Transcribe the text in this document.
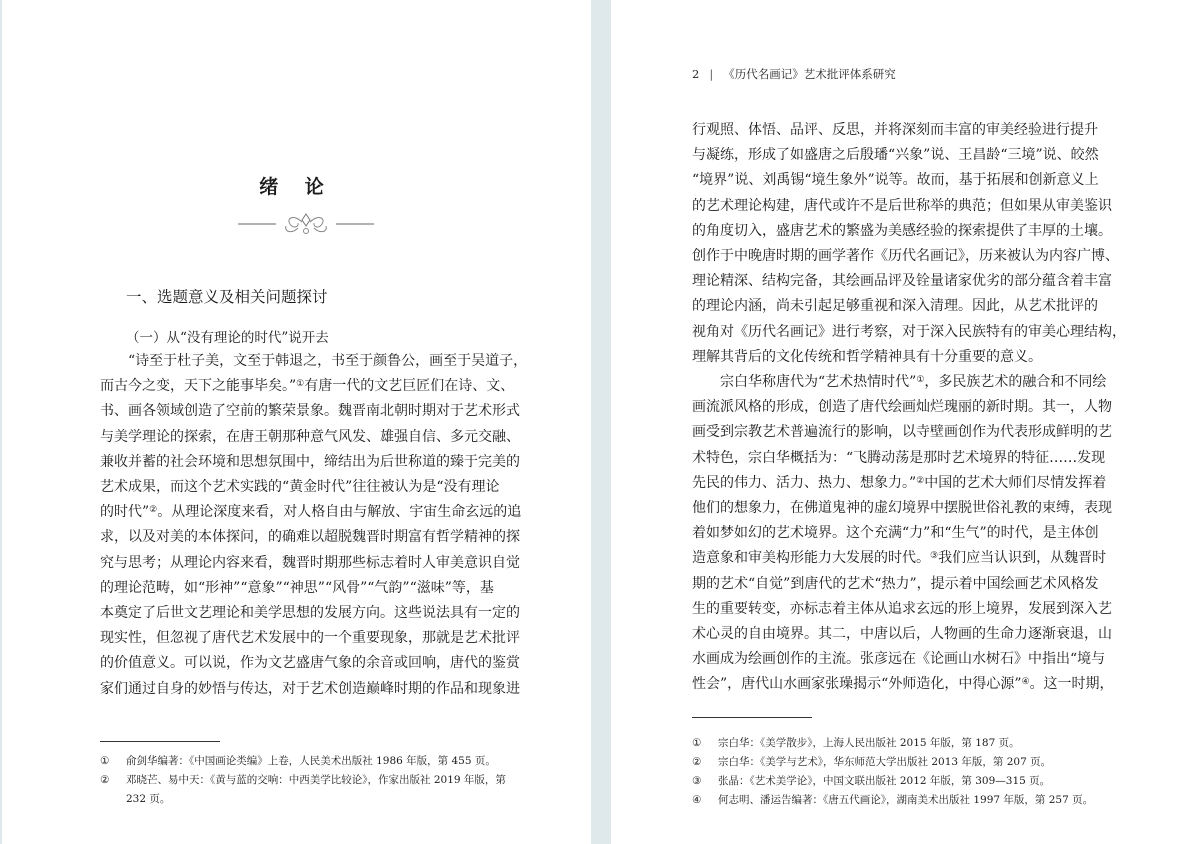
绪 论
一、选题意义及相关问题探讨
（一）从“没有理论的时代”说开去
“诗至于杜子美，文至于韩退之，书至于颜鲁公，画至于吴道子，
而古今之变，天下之能事毕矣。”①有唐一代的文艺巨匠们在诗、文、
书、画各领域创造了空前的繁荣景象。魏晋南北朝时期对于艺术形式
与美学理论的探索，在唐王朝那种意气风发、雄强自信、多元交融、
兼收并蓄的社会环境和思想氛围中，缔结出为后世称道的臻于完美的
艺术成果，而这个艺术实践的“黄金时代”往往被认为是“没有理论
的时代”②。从理论深度来看，对人格自由与解放、宇宙生命玄远的追
求，以及对美的本体探问，的确难以超脱魏晋时期富有哲学精神的探
究与思考；从理论内容来看，魏晋时期那些标志着时人审美意识自觉
的理论范畴，如“形神”“意象”“神思”“风骨”“气韵”“滋味”等，基
本奠定了后世文艺理论和美学思想的发展方向。这些说法具有一定的
现实性，但忽视了唐代艺术发展中的一个重要现象，那就是艺术批评
的价值意义。可以说，作为文艺盛唐气象的余音或回响，唐代的鉴赏
家们通过自身的妙悟与传达，对于艺术创造巅峰时期的作品和现象进
① 俞剑华编著：《中国画论类编》上卷，人民美术出版社 1986 年版，第 455 页。
② 邓晓芒、易中天：《黄与蓝的交响：中西美学比较论》，作家出版社 2019 年版，第
232 页。
2 | 《历代名画记》艺术批评体系研究
行观照、体悟、品评、反思，并将深刻而丰富的审美经验进行提升
与凝练，形成了如盛唐之后殷璠“兴象”说、王昌龄“三境”说、皎然
“境界”说、刘禹锡“境生象外”说等。故而，基于拓展和创新意义上
的艺术理论构建，唐代或许不是后世称举的典范；但如果从审美鉴识
的角度切入，盛唐艺术的繁盛为美感经验的探索提供了丰厚的土壤。
创作于中晚唐时期的画学著作《历代名画记》，历来被认为内容广博、
理论精深、结构完备，其绘画品评及铨量诸家优劣的部分蕴含着丰富
的理论内涵，尚未引起足够重视和深入清理。因此，从艺术批评的
视角对《历代名画记》进行考察，对于深入民族特有的审美心理结构，
理解其背后的文化传统和哲学精神具有十分重要的意义。
宗白华称唐代为“艺术热情时代”①，多民族艺术的融合和不同绘
画流派风格的形成，创造了唐代绘画灿烂瑰丽的新时期。其一，人物
画受到宗教艺术普遍流行的影响，以寺壁画创作为代表形成鲜明的艺
术特色，宗白华概括为：“飞腾动荡是那时艺术境界的特征……发现
先民的伟力、活力、热力、想象力。”②中国的艺术大师们尽情发挥着
他们的想象力，在佛道鬼神的虚幻境界中摆脱世俗礼教的束缚，表现
着如梦如幻的艺术境界。这个充满“力”和“生气”的时代，是主体创
造意象和审美构形能力大发展的时代。③我们应当认识到，从魏晋时
期的艺术“自觉”到唐代的艺术“热力”，提示着中国绘画艺术风格发
生的重要转变，亦标志着主体从追求玄远的形上境界，发展到深入艺
术心灵的自由境界。其二，中唐以后，人物画的生命力逐渐衰退，山
水画成为绘画创作的主流。张彦远在《论画山水树石》中指出“境与
性会”，唐代山水画家张璪揭示“外师造化，中得心源”④。这一时期，
① 宗白华：《美学散步》，上海人民出版社 2015 年版，第 187 页。
② 宗白华：《美学与艺术》，华东师范大学出版社 2013 年版，第 207 页。
③ 张晶：《艺术美学论》，中国文联出版社 2012 年版，第 309—315 页。
④ 何志明、潘运告编著：《唐五代画论》，湖南美术出版社 1997 年版，第 257 页。
